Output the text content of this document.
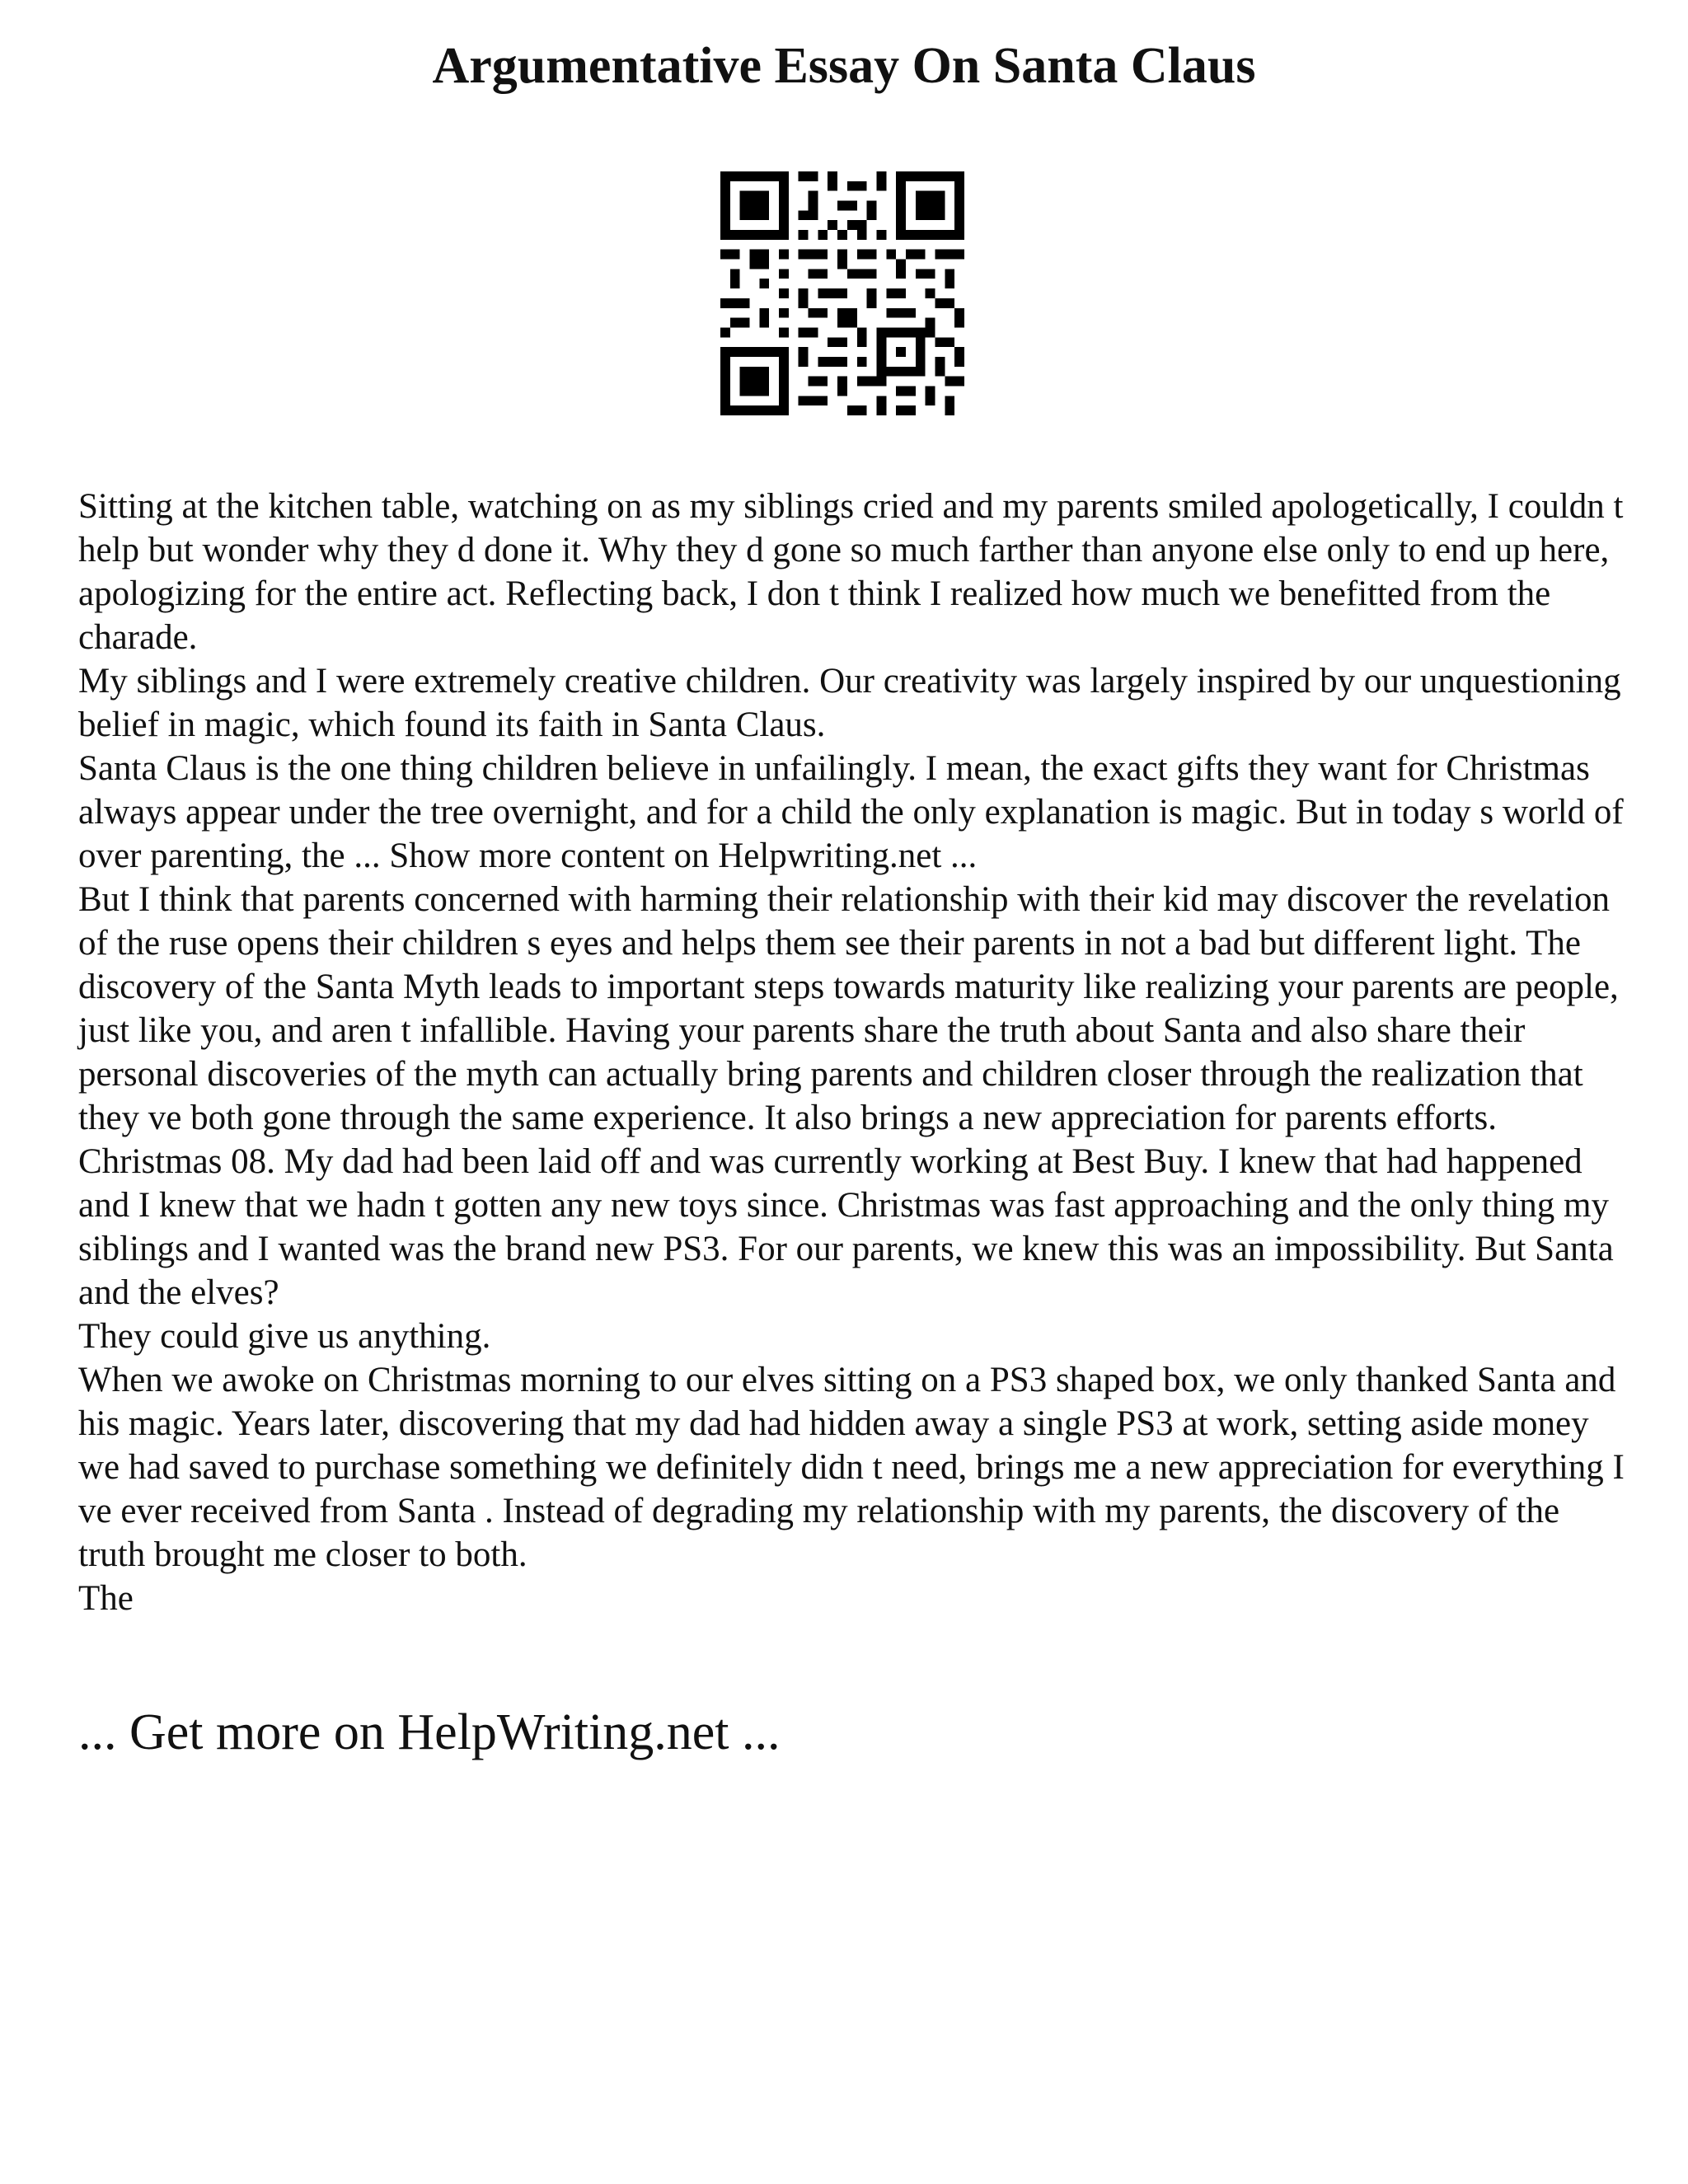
Argumentative Essay On Santa Claus

Sitting at the kitchen table, watching on as my siblings cried and my parents smiled apologetically, I couldn t help but wonder why they d done it. Why they d gone so much farther than anyone else only to end up here, apologizing for the entire act. Reflecting back, I don t think I realized how much we benefitted from the charade.

My siblings and I were extremely creative children. Our creativity was largely inspired by our unquestioning belief in magic, which found its faith in Santa Claus.

Santa Claus is the one thing children believe in unfailingly. I mean, the exact gifts they want for Christmas always appear under the tree overnight, and for a child the only explanation is magic. But in today s world of over parenting, the ... Show more content on Helpwriting.net ...

But I think that parents concerned with harming their relationship with their kid may discover the revelation of the ruse opens their children s eyes and helps them see their parents in not a bad but different light. The discovery of the Santa Myth leads to important steps towards maturity like realizing your parents are people, just like you, and aren t infallible. Having your parents share the truth about Santa and also share their personal discoveries of the myth can actually bring parents and children closer through the realization that they ve both gone through the same experience. It also brings a new appreciation for parents efforts.

Christmas 08. My dad had been laid off and was currently working at Best Buy. I knew that had happened and I knew that we hadn t gotten any new toys since. Christmas was fast approaching and the only thing my siblings and I wanted was the brand new PS3. For our parents, we knew this was an impossibility. But Santa and the elves?

They could give us anything.

When we awoke on Christmas morning to our elves sitting on a PS3 shaped box, we only thanked Santa and his magic. Years later, discovering that my dad had hidden away a single PS3 at work, setting aside money we had saved to purchase something we definitely didn t need, brings me a new appreciation for everything I ve ever received from Santa . Instead of degrading my relationship with my parents, the discovery of the truth brought me closer to both.

The

... Get more on HelpWriting.net ...
